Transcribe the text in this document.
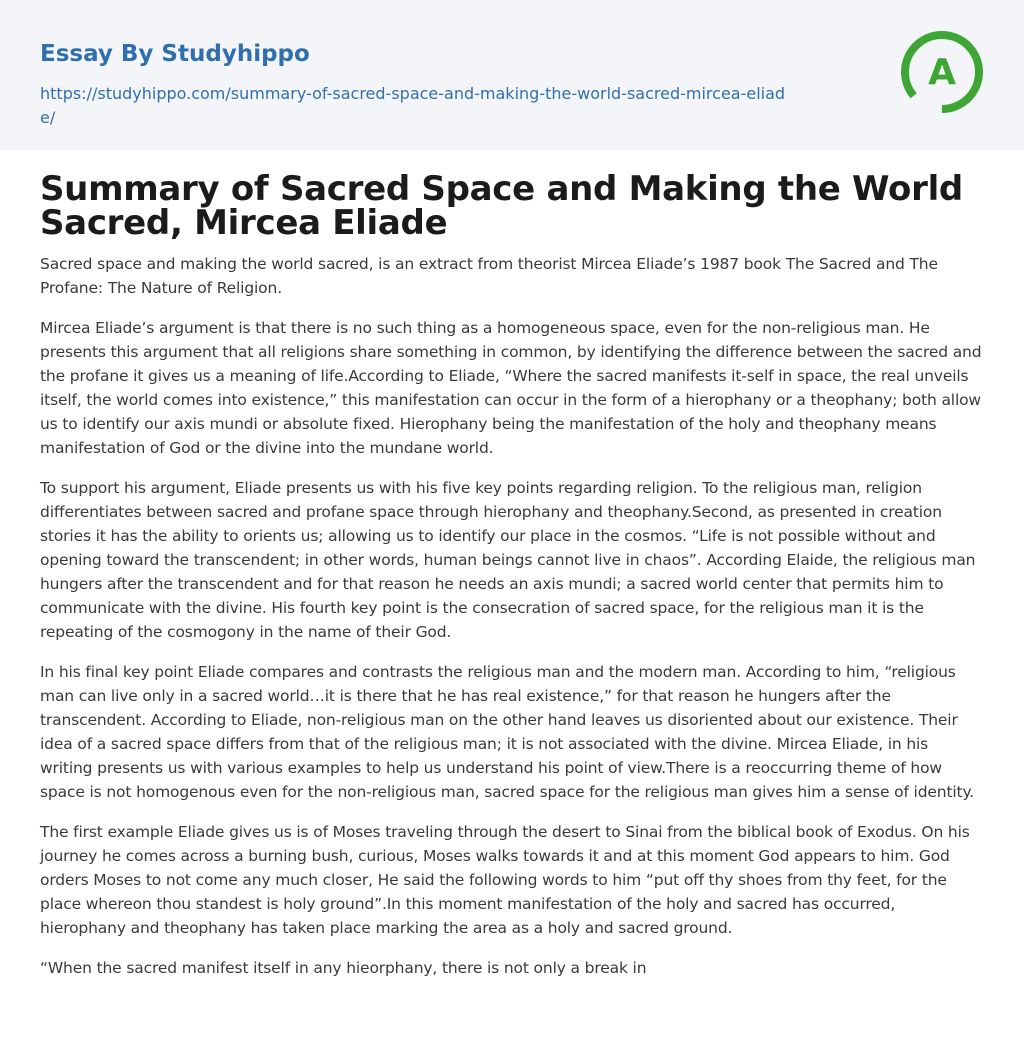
Essay By Studyhippo
https://studyhippo.com/summary-of-sacred-space-and-making-the-world-sacred-mircea-eliade/
A
Summary of Sacred Space and Making the World Sacred, Mircea Eliade

Sacred space and making the world sacred, is an extract from theorist Mircea Eliade’s 1987 book The Sacred and The Profane: The Nature of Religion.

Mircea Eliade’s argument is that there is no such thing as a homogeneous space, even for the non-religious man. He presents this argument that all religions share something in common, by identifying the difference between the sacred and the profane it gives us a meaning of life.According to Eliade, “Where the sacred manifests it-self in space, the real unveils itself, the world comes into existence,” this manifestation can occur in the form of a hierophany or a theophany; both allow us to identify our axis mundi or absolute fixed. Hierophany being the manifestation of the holy and theophany means manifestation of God or the divine into the mundane world.

To support his argument, Eliade presents us with his five key points regarding religion. To the religious man, religion differentiates between sacred and profane space through hierophany and theophany.Second, as presented in creation stories it has the ability to orients us; allowing us to identify our place in the cosmos. “Life is not possible without and opening toward the transcendent; in other words, human beings cannot live in chaos”. According Elaide, the religious man hungers after the transcendent and for that reason he needs an axis mundi; a sacred world center that permits him to communicate with the divine. His fourth key point is the consecration of sacred space, for the religious man it is the repeating of the cosmogony in the name of their God.

In his final key point Eliade compares and contrasts the religious man and the modern man. According to him, “religious man can live only in a sacred world…it is there that he has real existence,” for that reason he hungers after the transcendent. According to Eliade, non-religious man on the other hand leaves us disoriented about our existence. Their idea of a sacred space differs from that of the religious man; it is not associated with the divine. Mircea Eliade, in his writing presents us with various examples to help us understand his point of view.There is a reoccurring theme of how space is not homogenous even for the non-religious man, sacred space for the religious man gives him a sense of identity.

The first example Eliade gives us is of Moses traveling through the desert to Sinai from the biblical book of Exodus. On his journey he comes across a burning bush, curious, Moses walks towards it and at this moment God appears to him. God orders Moses to not come any much closer, He said the following words to him “put off thy shoes from thy feet, for the place whereon thou standest is holy ground”.In this moment manifestation of the holy and sacred has occurred, hierophany and theophany has taken place marking the area as a holy and sacred ground.

“When the sacred manifest itself in any hieorphany, there is not only a break in
